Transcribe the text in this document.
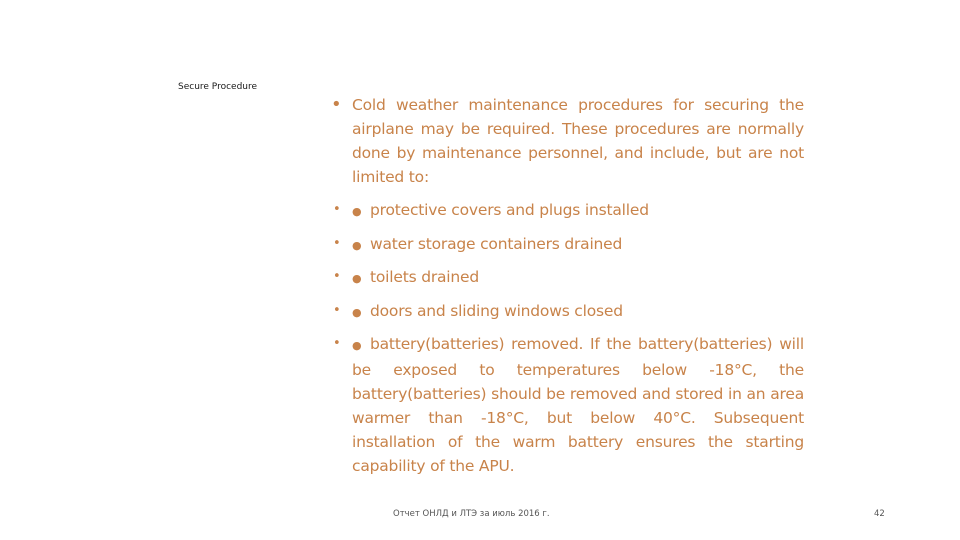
Secure Procedure
• Cold weather maintenance procedures for securing the airplane may be required. These procedures are normally done by maintenance personnel, and include, but are not limited to:
• ● protective covers and plugs installed
• ● water storage containers drained
• ● toilets drained
• ● doors and sliding windows closed
• ● battery(batteries) removed. If the battery(batteries) will be exposed to temperatures below -18°C, the battery(batteries) should be removed and stored in an area warmer than -18°C, but below 40°C. Subsequent installation of the warm battery ensures the starting capability of the APU.
Отчет ОНЛД и ЛТЭ за июль 2016 г.	42
